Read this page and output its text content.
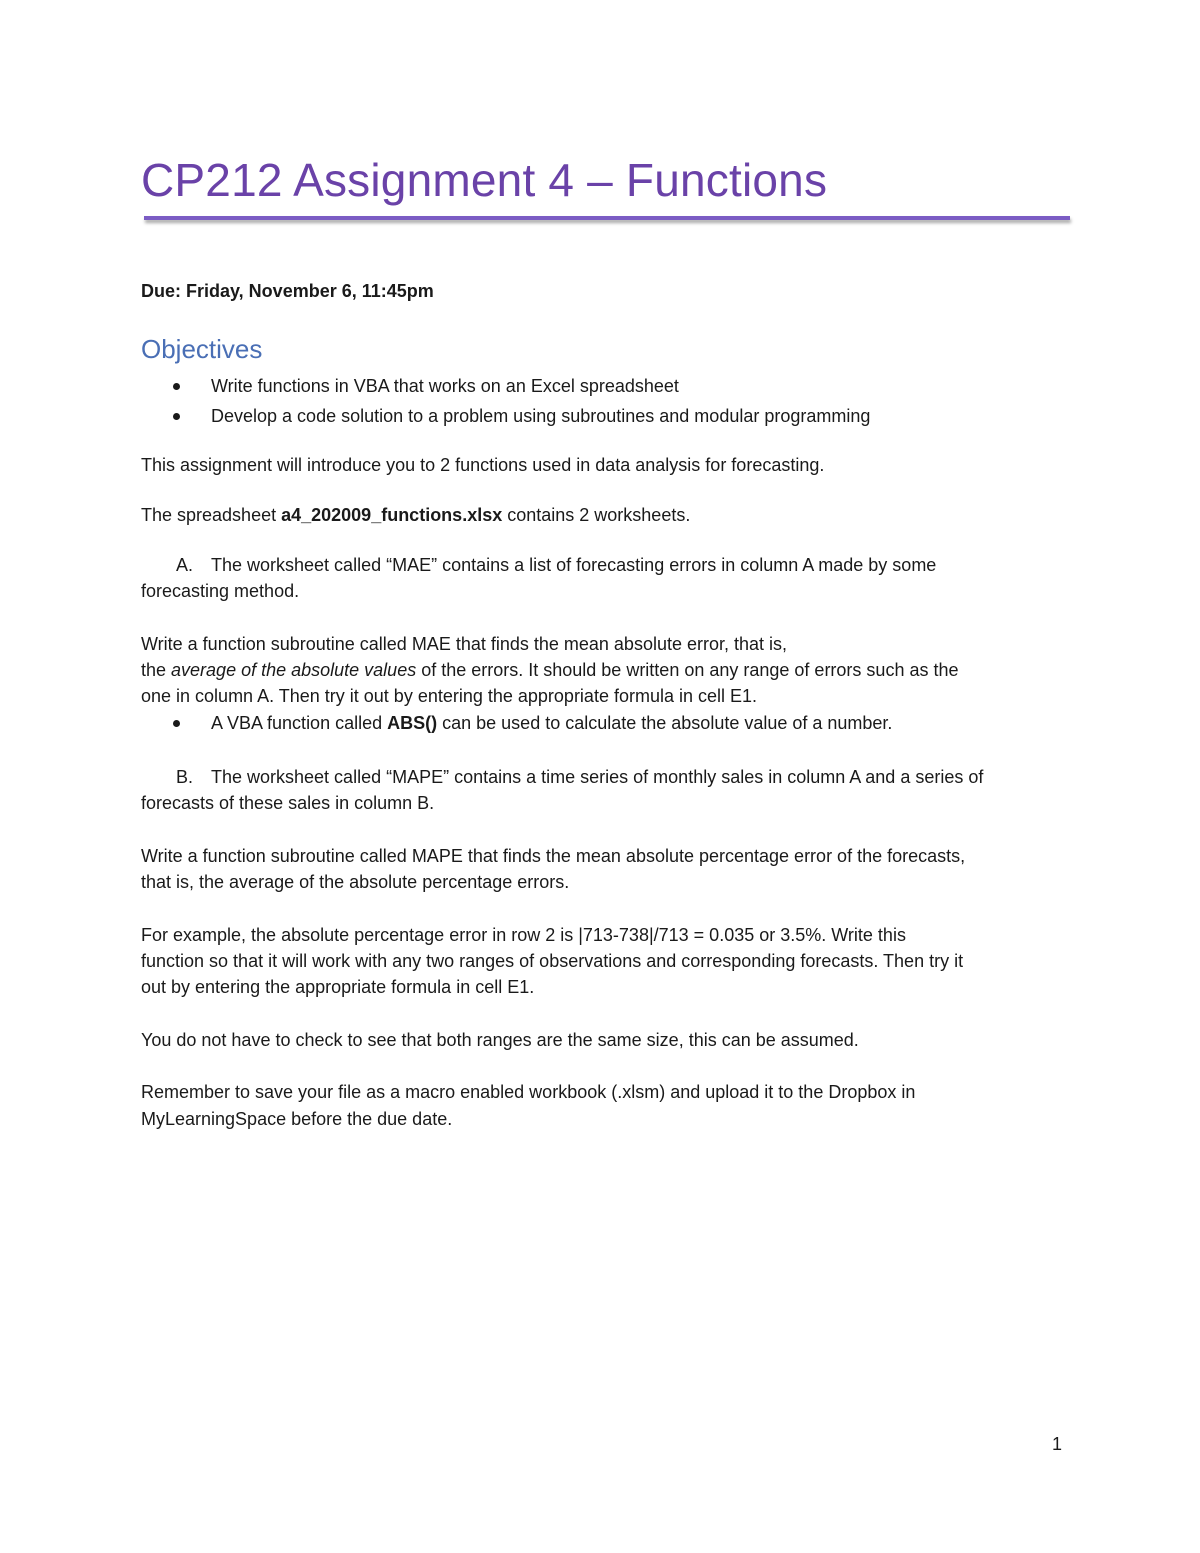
CP212 Assignment 4 – Functions
Due: Friday, November 6, 11:45pm
Objectives
Write functions in VBA that works on an Excel spreadsheet
Develop a code solution to a problem using subroutines and modular programming
This assignment will introduce you to 2 functions used in data analysis for forecasting.
The spreadsheet a4_202009_functions.xlsx contains 2 worksheets.
A. The worksheet called “MAE” contains a list of forecasting errors in column A made by some
forecasting method.
Write a function subroutine called MAE that finds the mean absolute error, that is,
the average of the absolute values of the errors. It should be written on any range of errors such as the
one in column A. Then try it out by entering the appropriate formula in cell E1.
A VBA function called ABS() can be used to calculate the absolute value of a number.
B. The worksheet called “MAPE” contains a time series of monthly sales in column A and a series of
forecasts of these sales in column B.
Write a function subroutine called MAPE that finds the mean absolute percentage error of the forecasts,
that is, the average of the absolute percentage errors.
For example, the absolute percentage error in row 2 is |713-738|/713 = 0.035 or 3.5%. Write this
function so that it will work with any two ranges of observations and corresponding forecasts. Then try it
out by entering the appropriate formula in cell E1.
You do not have to check to see that both ranges are the same size, this can be assumed.
Remember to save your file as a macro enabled workbook (.xlsm) and upload it to the Dropbox in
MyLearningSpace before the due date.
1
